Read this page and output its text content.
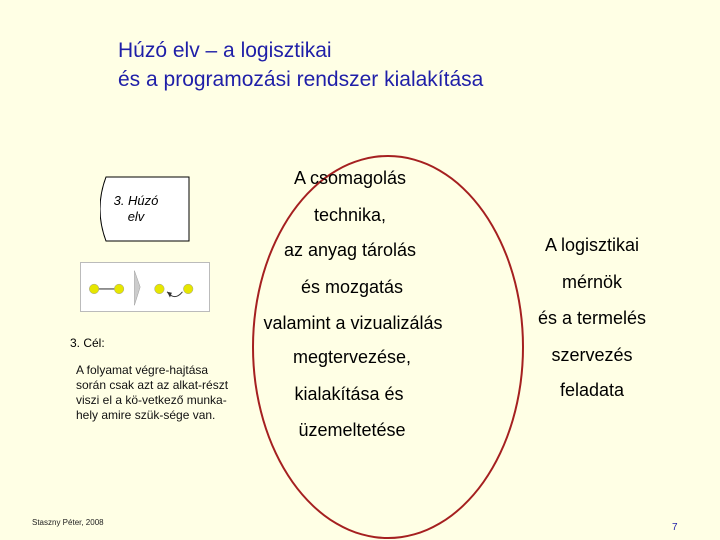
Húzó elv – a logisztikai
és a programozási rendszer kialakítása
3. Húzó elv
3. Cél:
A folyamat végre-hajtása során csak azt az alkat-részt viszi el a kö-vetkező munka-hely amire szük-sége van.
A csomagolás
technika,
az anyag tárolás
és mozgatás
valamint a vizualizálás
megtervezése,
kialakítása és
üzemeltetése
A logisztikai
mérnök
és a termelés
szervezés
feladata
Staszny Péter, 2008	7
